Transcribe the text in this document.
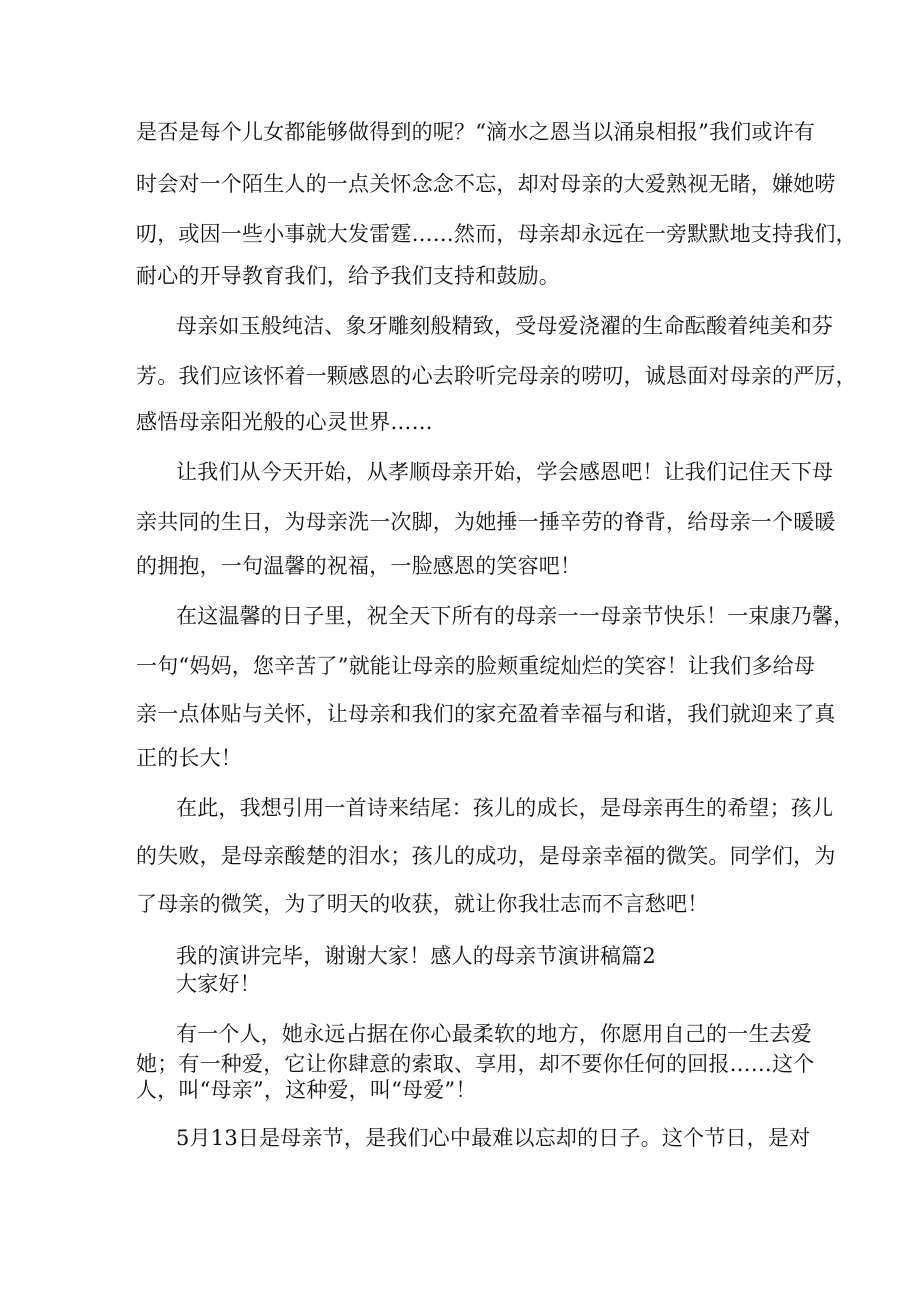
是否是每个儿女都能够做得到的呢？“滴水之恩当以涌泉相报”我们或许有
时会对一个陌生人的一点关怀念念不忘，却对母亲的大爱熟视无睹，嫌她唠
叨，或因一些小事就大发雷霆……然而，母亲却永远在一旁默默地支持我们，
耐心的开导教育我们，给予我们支持和鼓励。
母亲如玉般纯洁、象牙雕刻般精致，受母爱浇濯的生命酝酸着纯美和芬
芳。我们应该怀着一颗感恩的心去聆听完母亲的唠叨，诚恳面对母亲的严厉，
感悟母亲阳光般的心灵世界……
让我们从今天开始，从孝顺母亲开始，学会感恩吧！让我们记住天下母
亲共同的生日，为母亲洗一次脚，为她捶一捶辛劳的脊背，给母亲一个暖暖
的拥抱，一句温馨的祝福，一脸感恩的笑容吧！
在这温馨的日子里，祝全天下所有的母亲一一母亲节快乐！一束康乃馨，
一句“妈妈，您辛苦了”就能让母亲的脸颊重绽灿烂的笑容！让我们多给母
亲一点体贴与关怀，让母亲和我们的家充盈着幸福与和谐，我们就迎来了真
正的长大！
在此，我想引用一首诗来结尾：孩儿的成长，是母亲再生的希望；孩儿
的失败，是母亲酸楚的泪水；孩儿的成功，是母亲幸福的微笑。同学们，为
了母亲的微笑，为了明天的收获，就让你我壮志而不言愁吧！
我的演讲完毕，谢谢大家！感人的母亲节演讲稿篇2
大家好！
有一个人，她永远占据在你心最柔软的地方，你愿用自己的一生去爱
她；有一种爱，它让你肆意的索取、享用，却不要你任何的回报……这个
人，叫“母亲”，这种爱，叫“母爱”！
5月13日是母亲节，是我们心中最难以忘却的日子。这个节日，是对
